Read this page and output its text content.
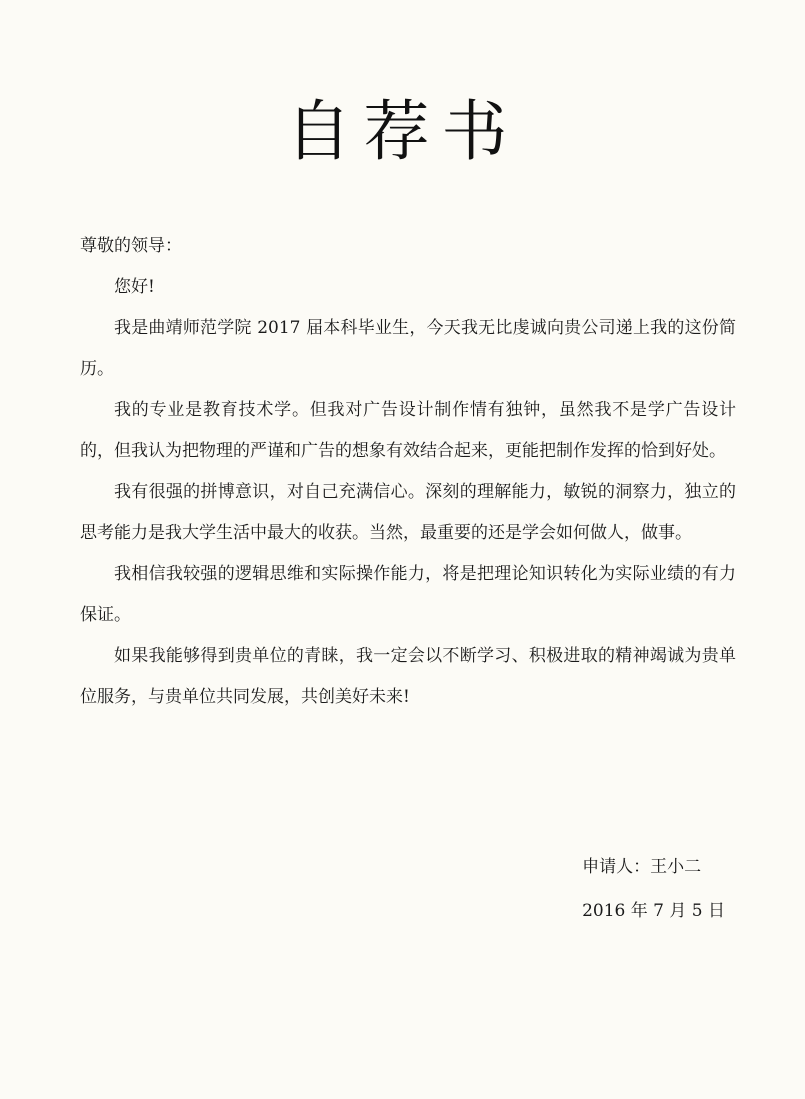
自荐书

尊敬的领导：

您好!

我是曲靖师范学院 2017 届本科毕业生，今天我无比虔诚向贵公司递上我的这份简历。

我的专业是教育技术学。但我对广告设计制作情有独钟，虽然我不是学广告设计的，但我认为把物理的严谨和广告的想象有效结合起来，更能把制作发挥的恰到好处。

我有很强的拼博意识，对自己充满信心。深刻的理解能力，敏锐的洞察力，独立的思考能力是我大学生活中最大的收获。当然，最重要的还是学会如何做人，做事。

我相信我较强的逻辑思维和实际操作能力，将是把理论知识转化为实际业绩的有力保证。

如果我能够得到贵单位的青睐，我一定会以不断学习、积极进取的精神竭诚为贵单位服务，与贵单位共同发展，共创美好未来!

申请人：王小二
2016 年 7 月 5 日
